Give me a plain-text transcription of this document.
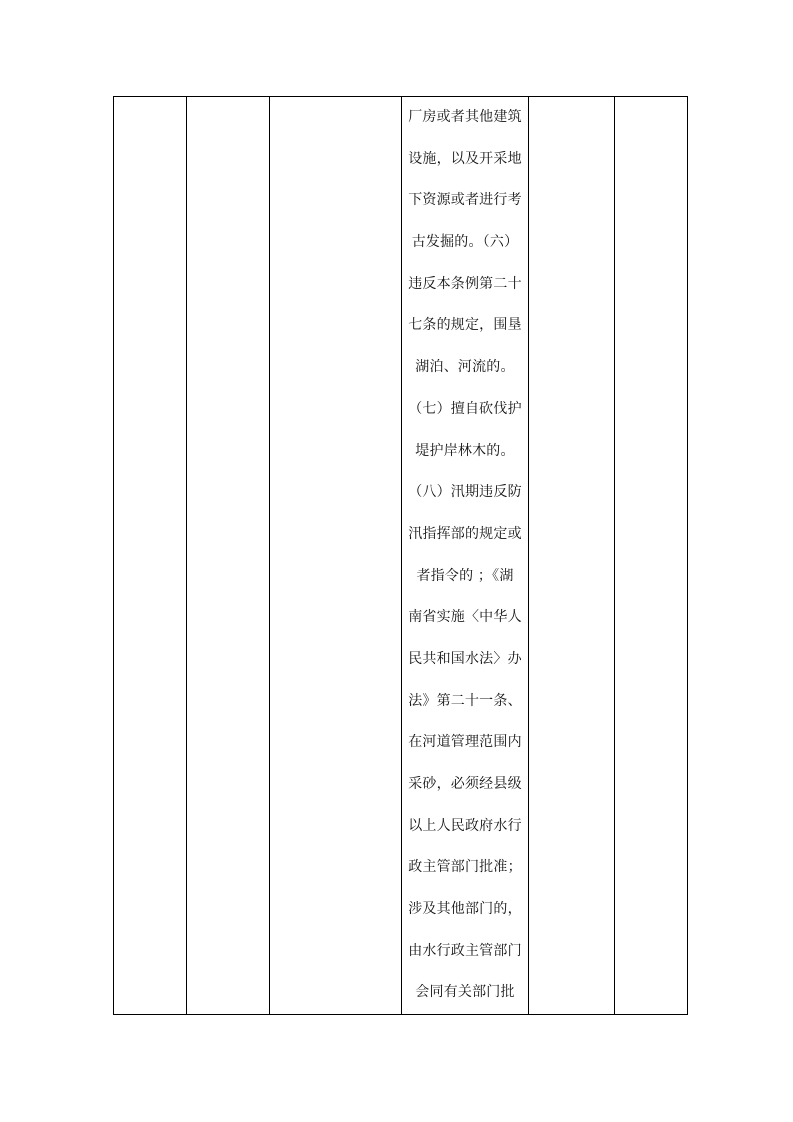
厂房或者其他建筑
设施，以及开采地
下资源或者进行考
古发掘的。（六）
违反本条例第二十
七条的规定，围垦
湖泊、河流的。
（七）擅自砍伐护
堤护岸林木的。
（八）汛期违反防
汛指挥部的规定或
者指令的 ；《湖
南省实施〈中华人
民共和国水法〉办
法》第二十一条、
在河道管理范围内
采砂，必须经县级
以上人民政府水行
政主管部门批准；
涉及其他部门的，
由水行政主管部门
会同有关部门批
